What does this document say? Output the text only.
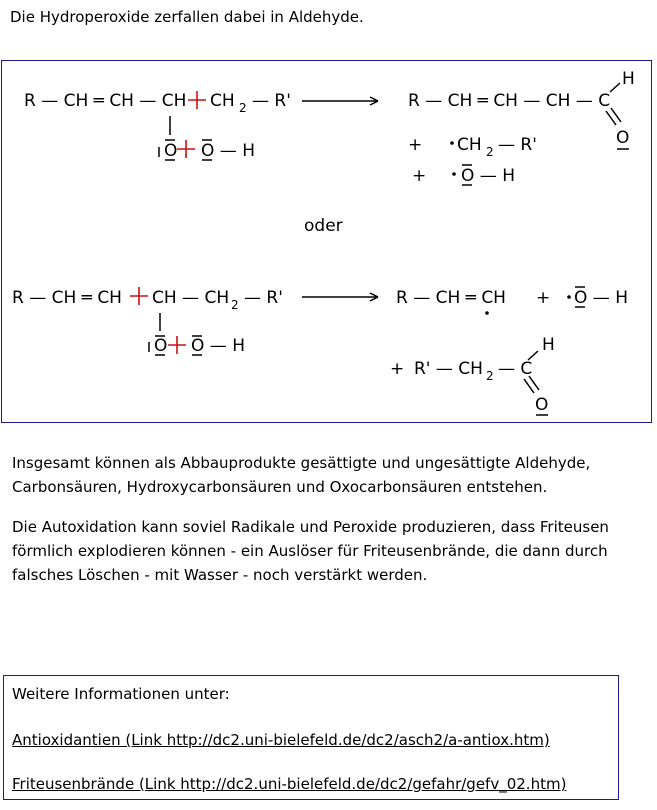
Die Hydroperoxide zerfallen dabei in Aldehyde.
R — CH ═ CH — CH CH 2 — R'
O O — H
R — CH ═ CH — CH — C
H
O
+ CH 2 — R'
+ O — H
oder
R — CH ═ CH CH — CH 2 — R'
O O — H
R — CH ═ CH + O — H
+ R' — CH 2 — C
H
O
Insgesamt können als Abbauprodukte gesättigte und ungesättigte Aldehyde,
Carbonsäuren, Hydroxycarbonsäuren und Oxocarbonsäuren entstehen.
Die Autoxidation kann soviel Radikale und Peroxide produzieren, dass Friteusen
förmlich explodieren können - ein Auslöser für Friteusenbrände, die dann durch
falsches Löschen - mit Wasser - noch verstärkt werden.
Weitere Informationen unter:
Antioxidantien (Link http://dc2.uni-bielefeld.de/dc2/asch2/a-antiox.htm)
Friteusenbrände (Link http://dc2.uni-bielefeld.de/dc2/gefahr/gefv_02.htm)
